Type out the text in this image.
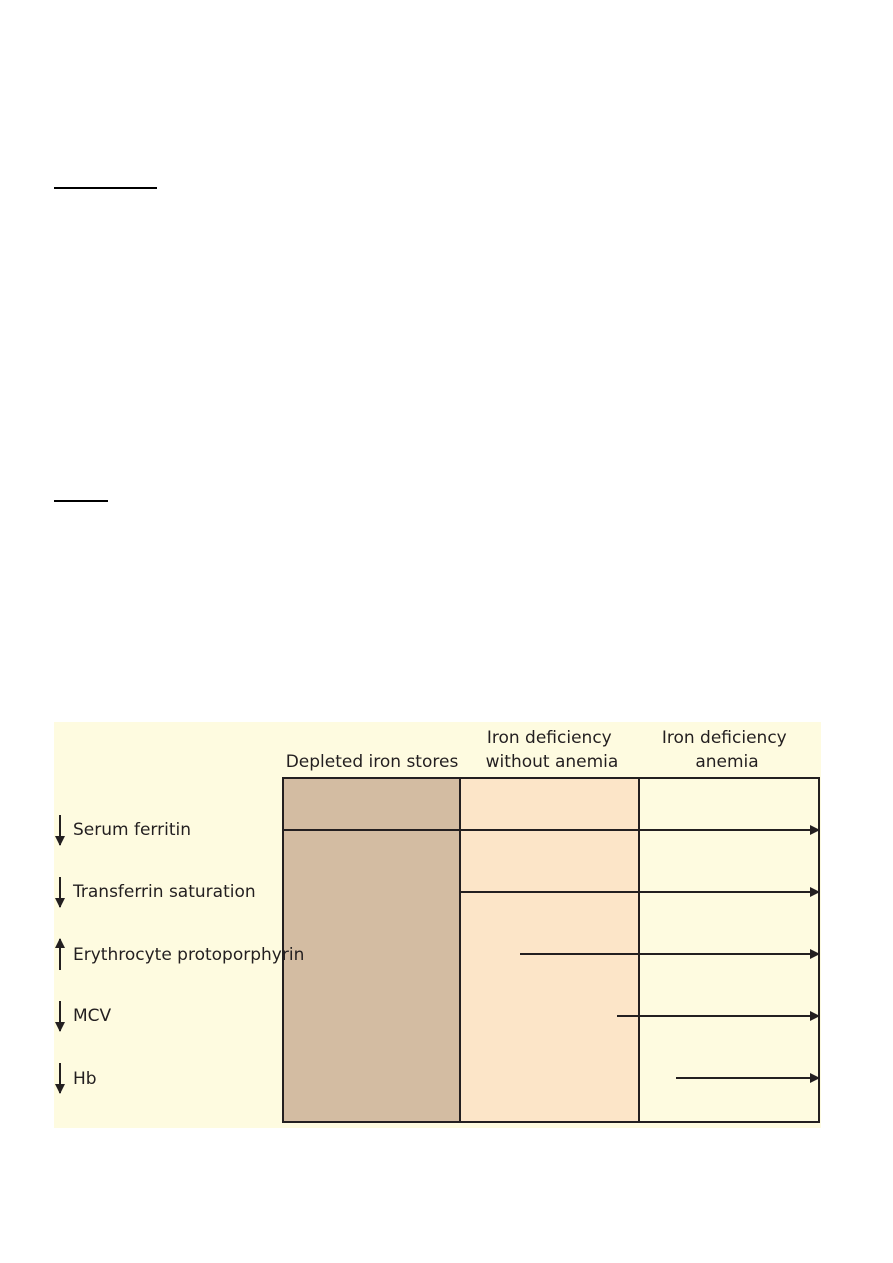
Depleted iron stores
Iron deficiency without anemia
Iron deficiency anemia
Serum ferritin
Transferrin saturation
Erythrocyte protoporphyrin
MCV
Hb
